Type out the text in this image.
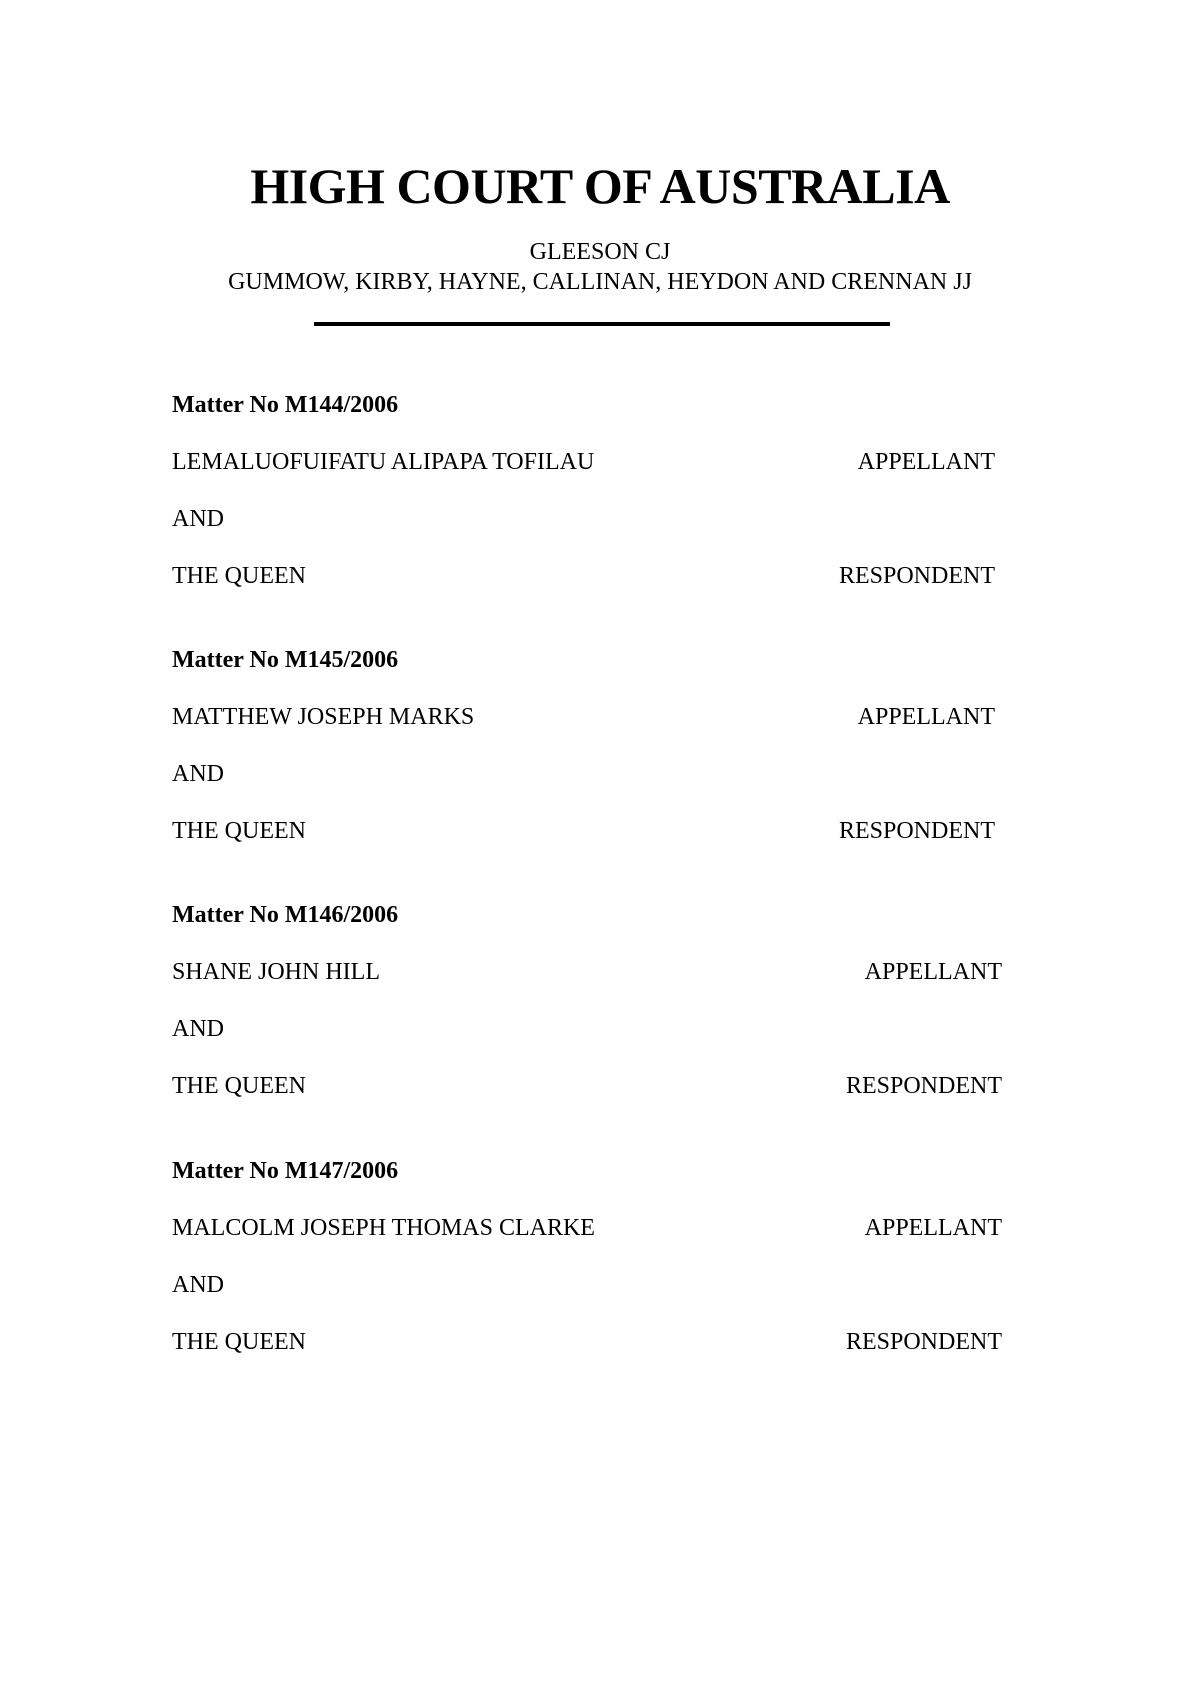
HIGH COURT OF AUSTRALIA
GLEESON CJ
GUMMOW, KIRBY, HAYNE, CALLINAN, HEYDON AND CRENNAN JJ
Matter No M144/2006
LEMALUOFUIFATU ALIPAPA TOFILAU	APPELLANT
AND
THE QUEEN	RESPONDENT
Matter No M145/2006
MATTHEW JOSEPH MARKS	APPELLANT
AND
THE QUEEN	RESPONDENT
Matter No M146/2006
SHANE JOHN HILL	APPELLANT
AND
THE QUEEN	RESPONDENT
Matter No M147/2006
MALCOLM JOSEPH THOMAS CLARKE	APPELLANT
AND
THE QUEEN	RESPONDENT
